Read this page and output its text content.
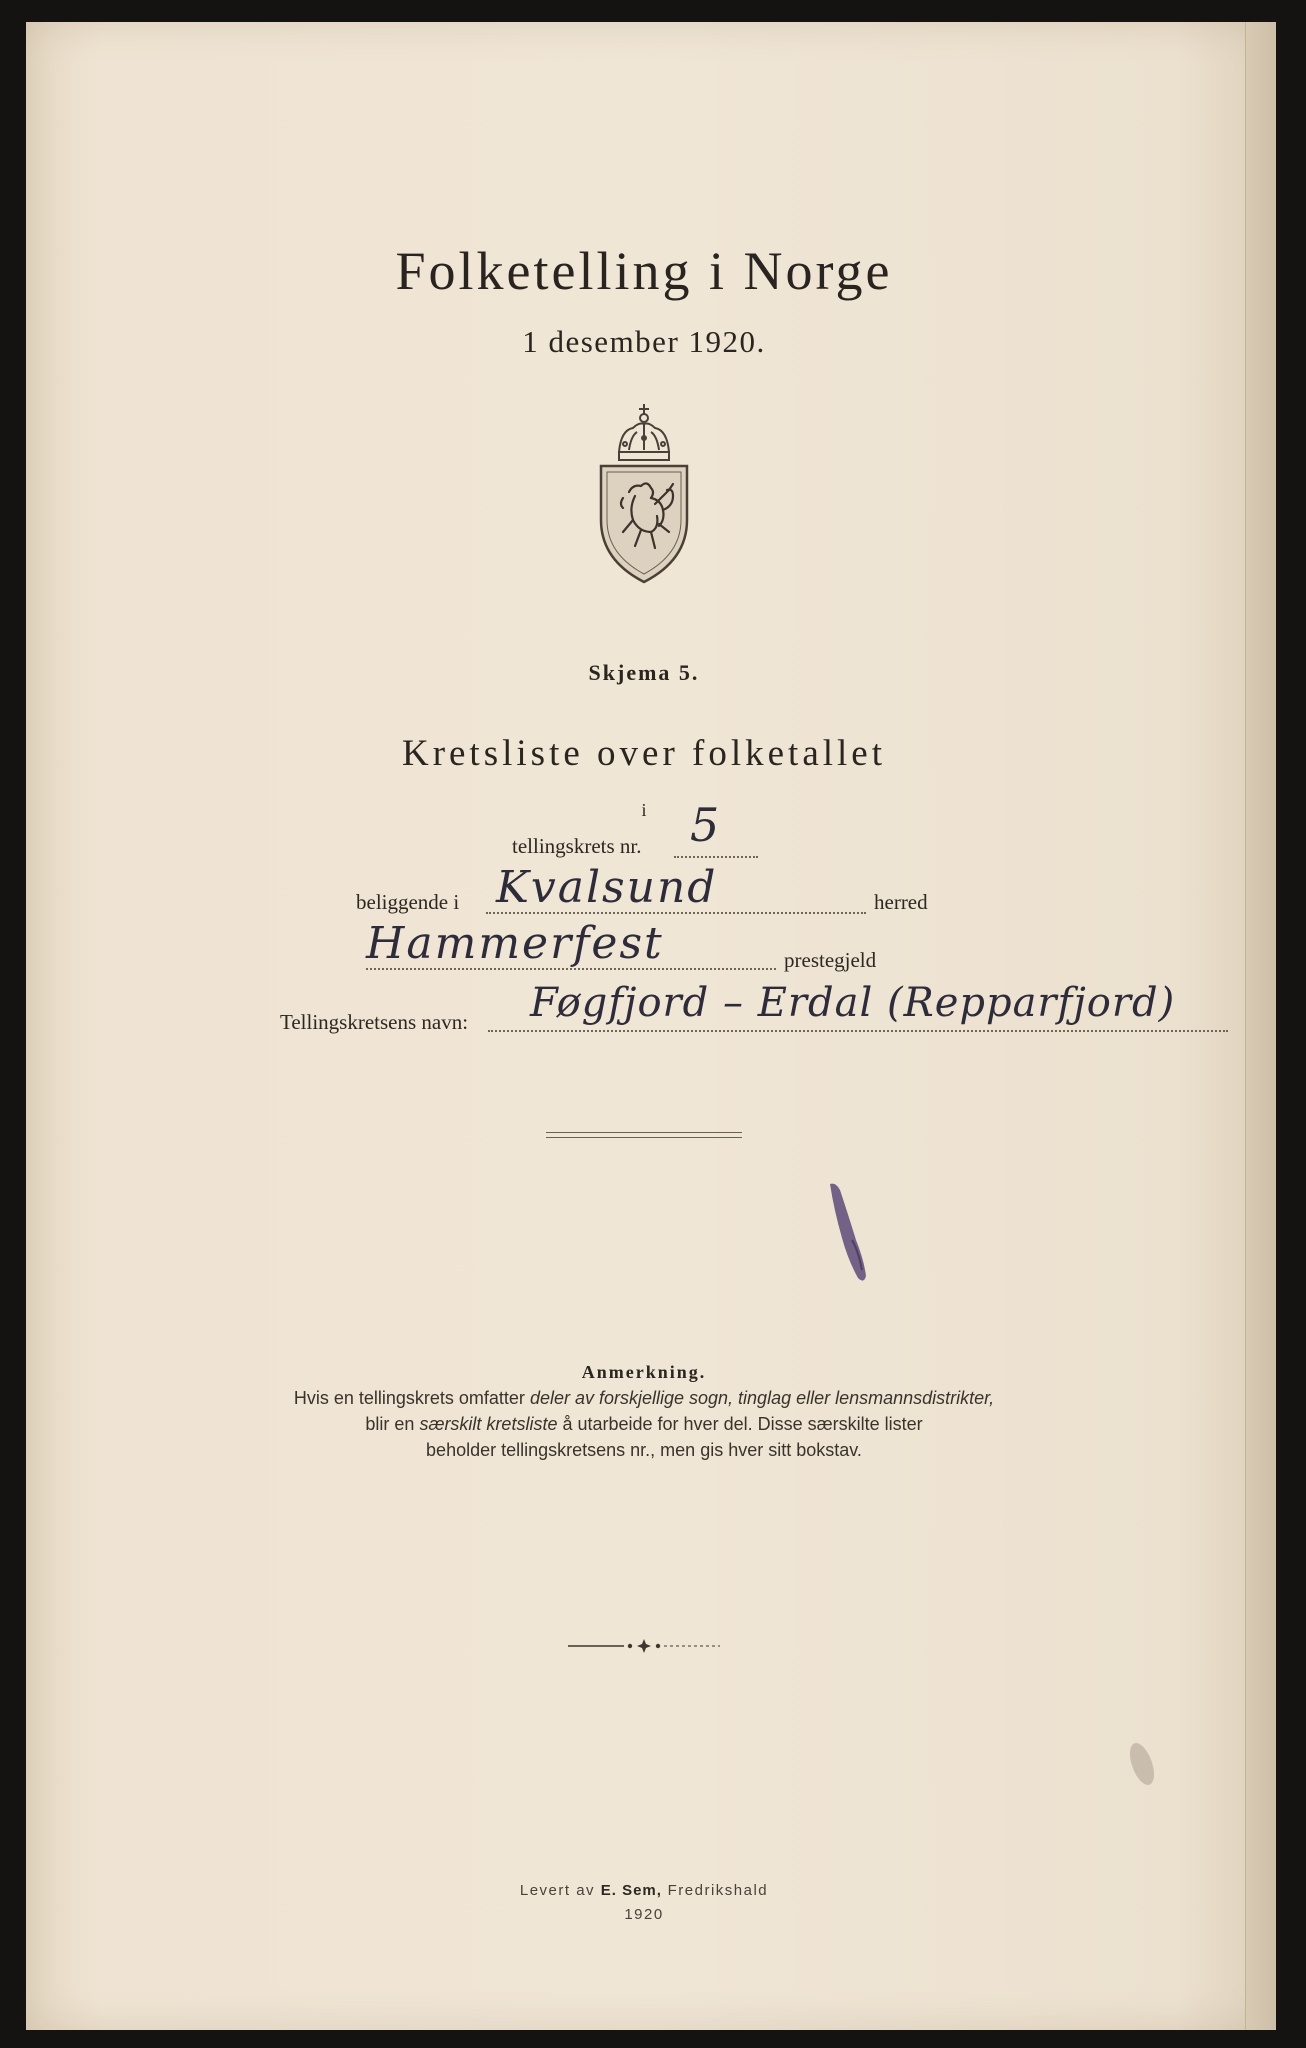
Folketelling i Norge
1 desember 1920.
Skjema 5.
Kretsliste over folketallet
i
tellingskrets nr. 5
beliggende i Kvalsund	herred
Hammerfest	prestegjeld
Tellingskretsens navn: Føgfjord – Erdal (Repparfjord)
Anmerkning.
Hvis en tellingskrets omfatter deler av forskjellige sogn, tinglag eller lensmannsdistrikter,
blir en særskilt kretsliste å utarbeide for hver del. Disse særskilte lister
beholder tellingskretsens nr., men gis hver sitt bokstav.
Levert av E. Sem, Fredrikshald
1920
